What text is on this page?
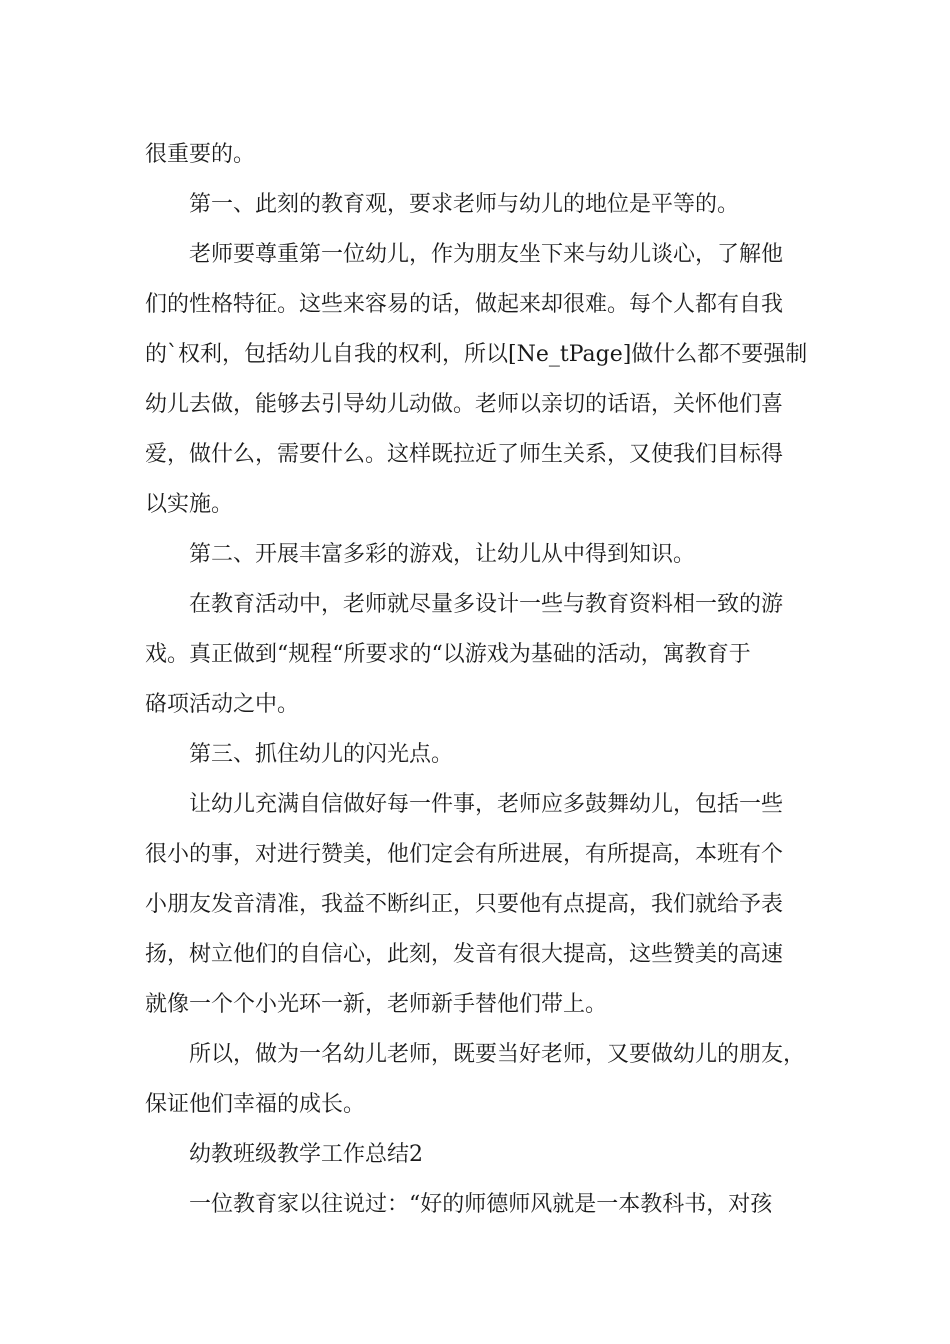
很重要的。
第一、此刻的教育观，要求老师与幼儿的地位是平等的。
老师要尊重第一位幼儿，作为朋友坐下来与幼儿谈心，了解他
们的性格特征。这些来容易的话，做起来却很难。每个人都有自我
的`权利，包括幼儿自我的权利，所以[Ne_tPage]做什么都不要强制
幼儿去做，能够去引导幼儿动做。老师以亲切的话语，关怀他们喜
爱，做什么，需要什么。这样既拉近了师生关系，又使我们目标得
以实施。
第二、开展丰富多彩的游戏，让幼儿从中得到知识。
在教育活动中，老师就尽量多设计一些与教育资料相一致的游
戏。真正做到“规程“所要求的“以游戏为基础的活动，寓教育于
硌项活动之中。
第三、抓住幼儿的闪光点。
让幼儿充满自信做好每一件事，老师应多鼓舞幼儿，包括一些
很小的事，对进行赞美，他们定会有所进展，有所提高，本班有个
小朋友发音清准，我益不断纠正，只要他有点提高，我们就给予表
扬，树立他们的自信心，此刻，发音有很大提高，这些赞美的高速
就像一个个小光环一新，老师新手替他们带上。
所以，做为一名幼儿老师，既要当好老师，又要做幼儿的朋友，
保证他们幸福的成长。
幼教班级教学工作总结2
一位教育家以往说过：“好的师德师风就是一本教科书，对孩
